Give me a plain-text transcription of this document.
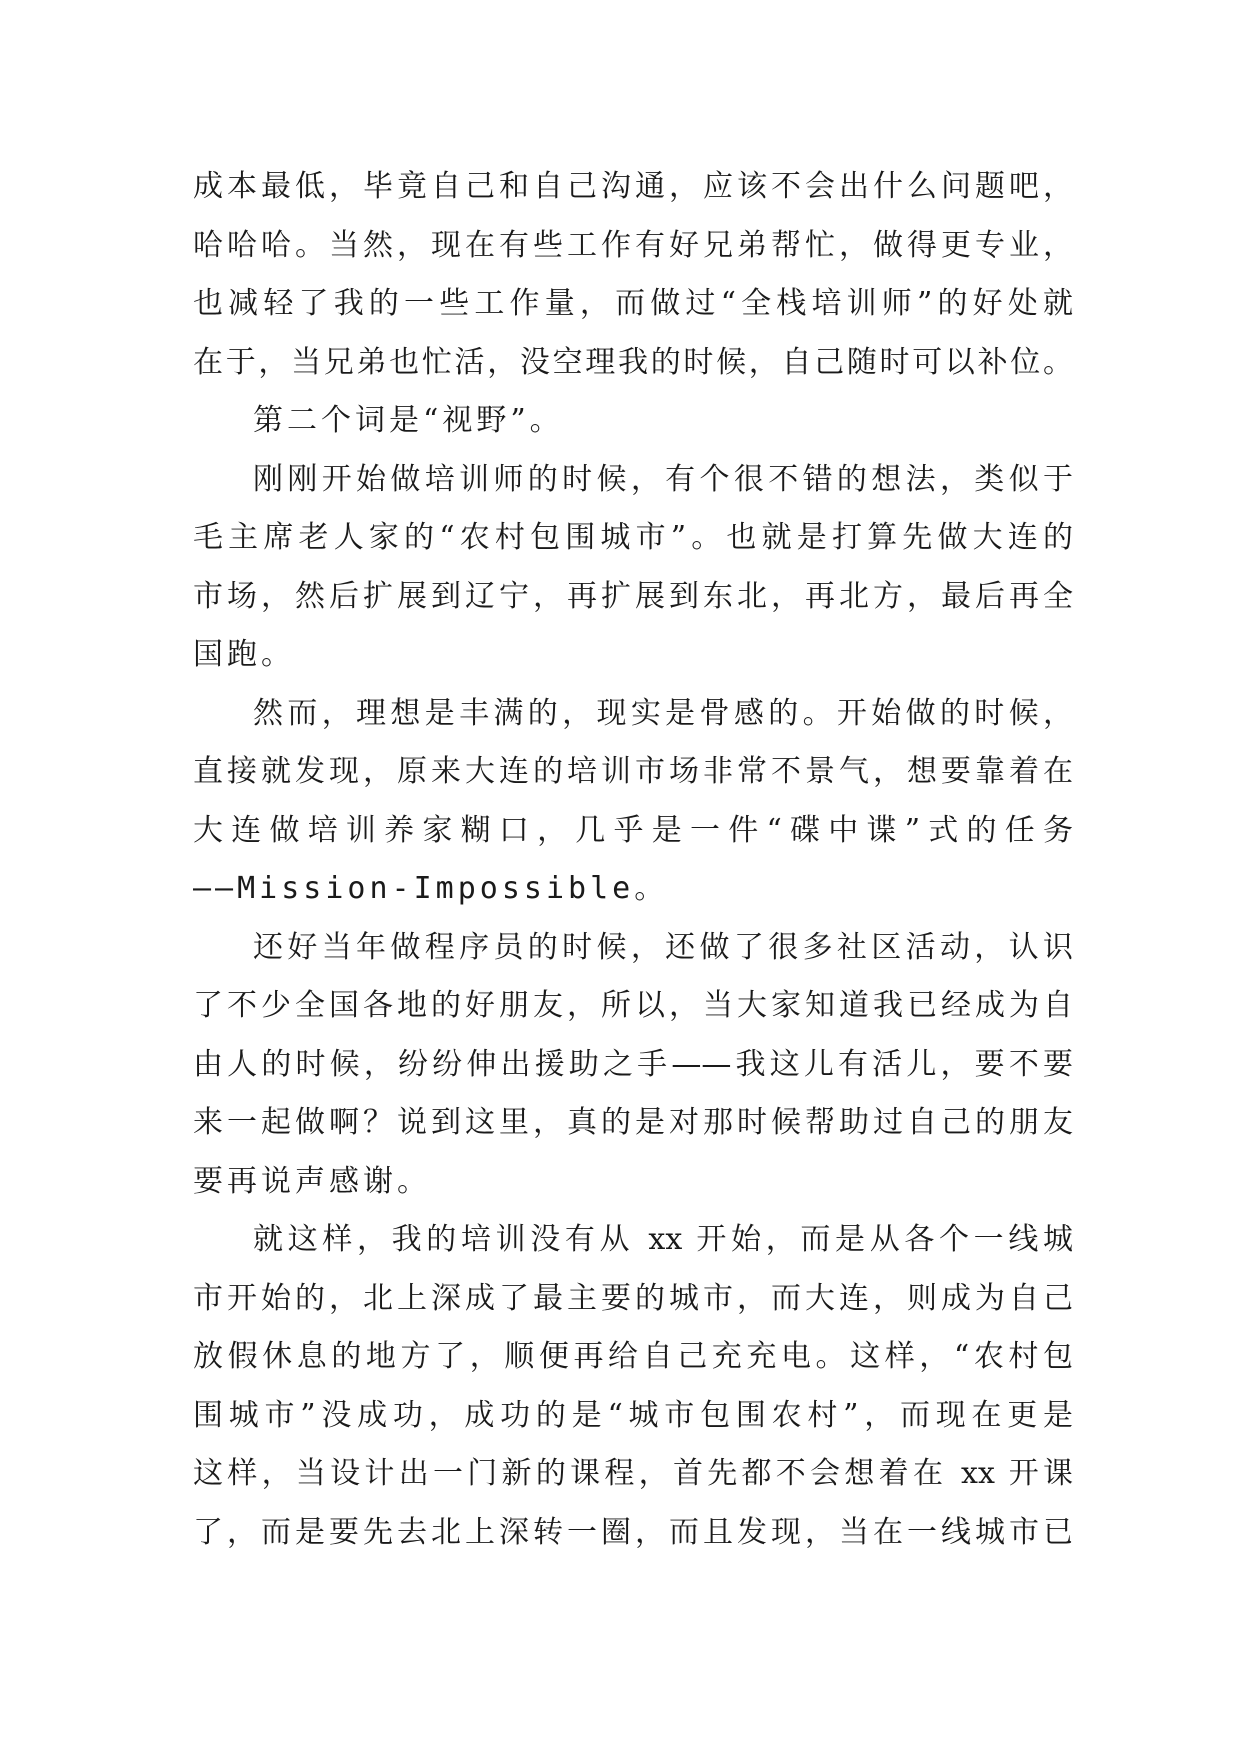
成本最低，毕竟自己和自己沟通，应该不会出什么问题吧，
哈哈哈。当然，现在有些工作有好兄弟帮忙，做得更专业，
也减轻了我的一些工作量，而做过“全栈培训师”的好处就
在于，当兄弟也忙活，没空理我的时候，自己随时可以补位。
第二个词是“视野”。
刚刚开始做培训师的时候，有个很不错的想法，类似于
毛主席老人家的“农村包围城市”。也就是打算先做大连的
市场，然后扩展到辽宁，再扩展到东北，再北方，最后再全
国跑。
然而，理想是丰满的，现实是骨感的。开始做的时候，
直接就发现，原来大连的培训市场非常不景气，想要靠着在
大连做培训养家糊口，几乎是一件“碟中谍”式的任务
——Mission-Impossible。
还好当年做程序员的时候，还做了很多社区活动，认识
了不少全国各地的好朋友，所以，当大家知道我已经成为自
由人的时候，纷纷伸出援助之手——我这儿有活儿，要不要
来一起做啊？说到这里，真的是对那时候帮助过自己的朋友
要再说声感谢。
就这样，我的培训没有从 xx 开始，而是从各个一线城
市开始的，北上深成了最主要的城市，而大连，则成为自己
放假休息的地方了，顺便再给自己充充电。这样，“农村包
围城市”没成功，成功的是“城市包围农村”，而现在更是
这样，当设计出一门新的课程，首先都不会想着在 xx 开课
了，而是要先去北上深转一圈，而且发现，当在一线城市已
